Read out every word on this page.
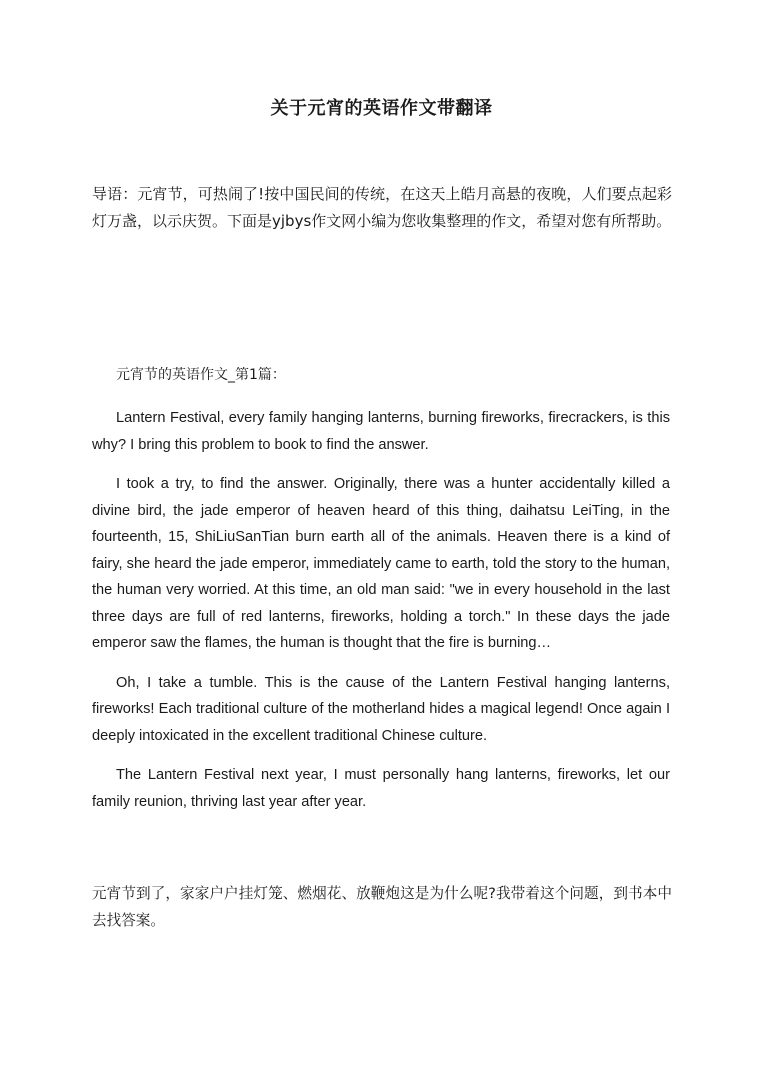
关于元宵的英语作文带翻译
导语：元宵节，可热闹了!按中国民间的传统，在这天上皓月高悬的夜晚，人们要点起彩灯万盏，以示庆贺。下面是yjbys作文网小编为您收集整理的作文，希望对您有所帮助。
元宵节的英语作文_第1篇：

Lantern Festival, every family hanging lanterns, burning fireworks, firecrackers, is this why? I bring this problem to book to find the answer.

I took a try, to find the answer. Originally, there was a hunter accidentally killed a divine bird, the jade emperor of heaven heard of this thing, daihatsu LeiTing, in the fourteenth, 15, ShiLiuSanTian burn earth all of the animals. Heaven there is a kind of fairy, she heard the jade emperor, immediately came to earth, told the story to the human, the human very worried. At this time, an old man said: "we in every household in the last three days are full of red lanterns, fireworks, holding a torch." In these days the jade emperor saw the flames, the human is thought that the fire is burning…

Oh, I take a tumble. This is the cause of the Lantern Festival hanging lanterns, fireworks! Each traditional culture of the motherland hides a magical legend! Once again I deeply intoxicated in the excellent traditional Chinese culture.

The Lantern Festival next year, I must personally hang lanterns, fireworks, let our family reunion, thriving last year after year.

元宵节到了，家家户户挂灯笼、燃烟花、放鞭炮这是为什么呢?我带着这个问题，到书本中去找答案。
